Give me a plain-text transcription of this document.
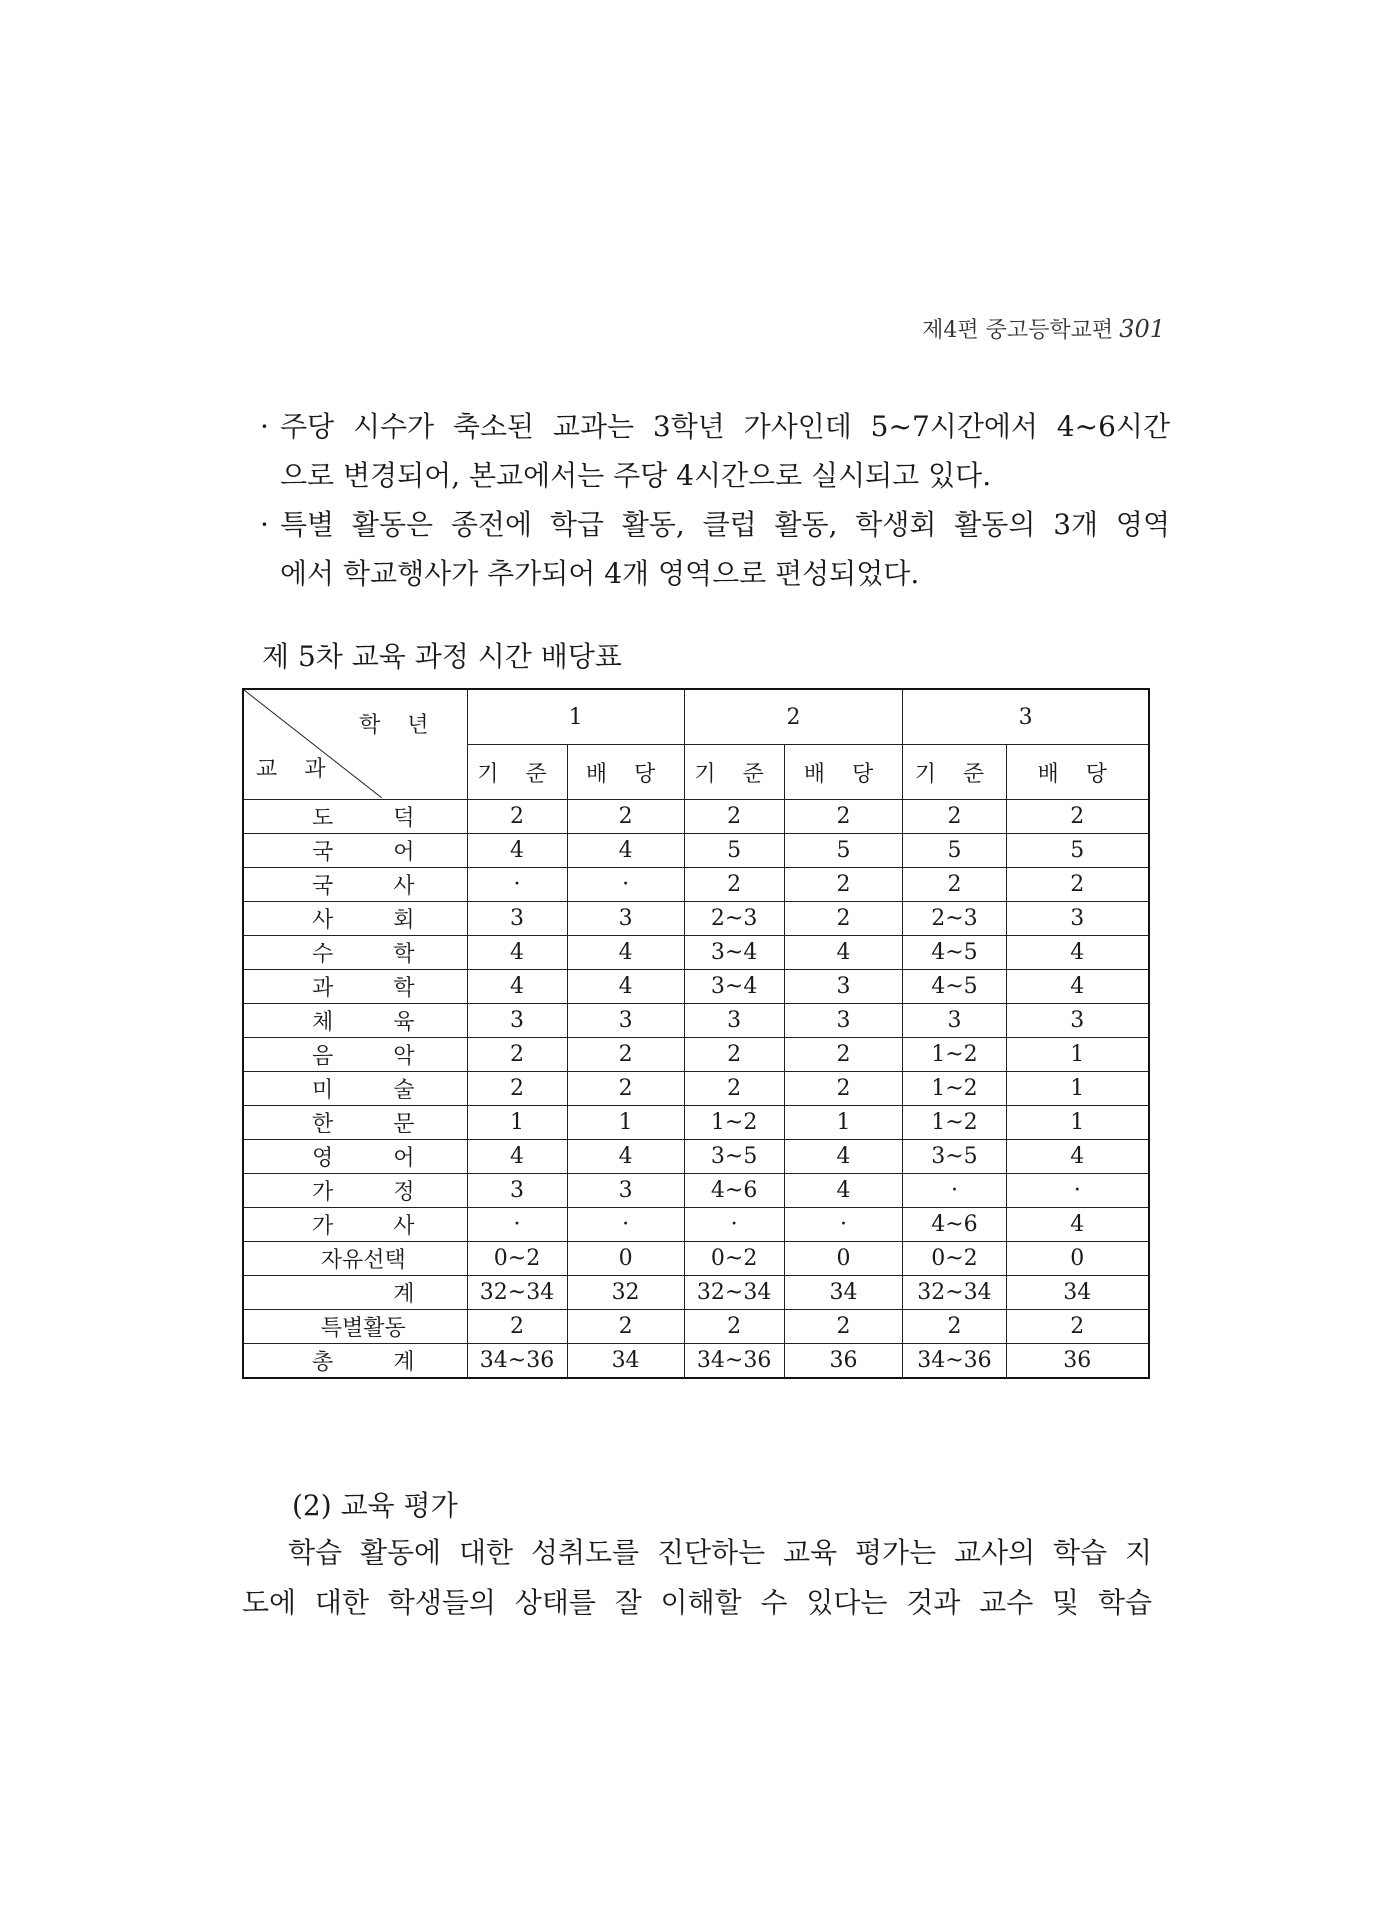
제4편 중고등학교편 301
· 주당 시수가 축소된 교과는 3학년 가사인데 5~7시간에서 4~6시간

으로 변경되어, 본교에서는 주당 4시간으로 실시되고 있다.

· 특별 활동은 종전에 학급 활동, 클럽 활동, 학생회 활동의 3개 영역

에서 학교행사가 추가되어 4개 영역으로 편성되었다.

제 5차 교육 과정 시간 배당표
학 년
교 과	1		2		3	
	기 준	배 당	기 준	배 당	기 준	배 당

도 덕	2	2	2	2	2	2

국 어	4	4	5	5	5	5

국 사	·	·	2	2	2	2

사 회	3	3	2~3	2	2~3	3

수 학	4	4	3~4	4	4~5	4

과 학	4	4	3~4	3	4~5	4

체 육	3	3	3	3	3	3

음 악	2	2	2	2	1~2	1

미 술	2	2	2	2	1~2	1

한 문	1	1	1~2	1	1~2	1

영 어	4	4	3~5	4	3~5	4

가 정	3	3	4~6	4	·	·

가 사	·	·	·	·	4~6	4

자유선택	0~2	0	0~2	0	0~2	0

계	32~34	32	32~34	34	32~34	34

특별활동	2	2	2	2	2	2

총 계	34~36	34	34~36	36	34~36	36
(2) 교육 평가

학습 활동에 대한 성취도를 진단하는 교육 평가는 교사의 학습 지

도에 대한 학생들의 상태를 잘 이해할 수 있다는 것과 교수 및 학습
